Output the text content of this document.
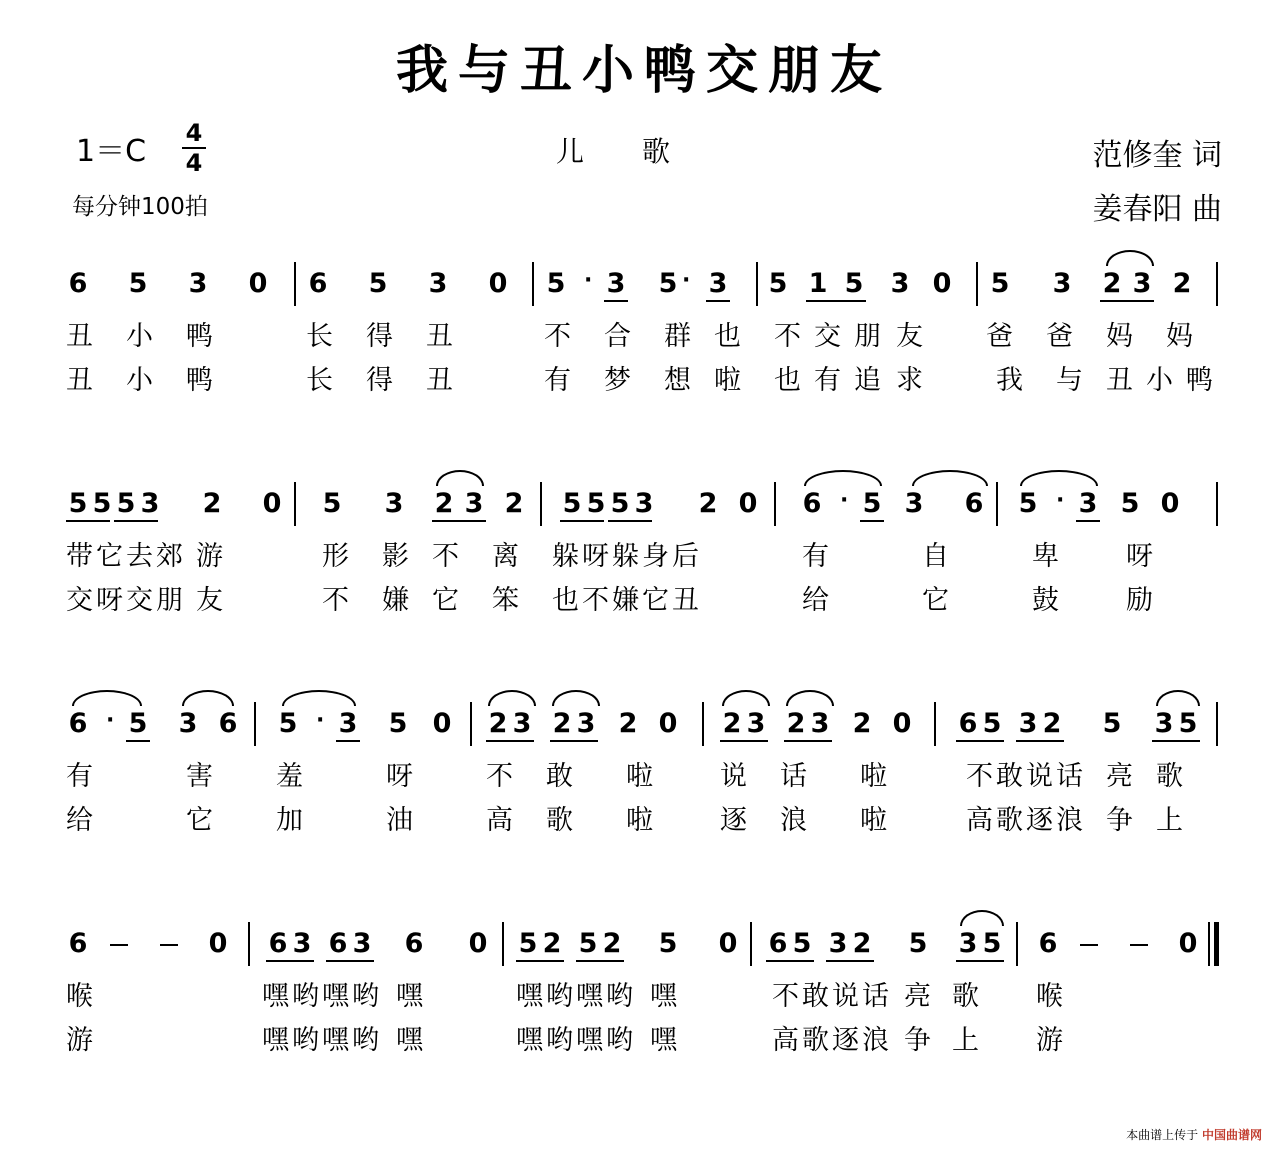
我与丑小鸭交朋友
1＝C
4
4	儿歌	范修奎 词
姜春阳 曲
每分钟100拍
6 5 3 0 6 5 3 0 5 · 3 5 · 3 5 1 5 3 0 5 3 2 3 2
丑 小 鸭	长 得 丑	不 合 群 也 不 交 朋 友 爸 爸 妈 妈
丑 小 鸭	长 得 丑	有 梦 想 啦 也 有 追 求	我 与 丑 小 鸭
5 5 5 3 2 0 5 3 2 3 2 5 5 5 3 2 0 6 · 5 3 6 5 · 3 5 0
带 它 去 郊 游	形 影 不 离 躲 呀 躲 身 后	有	自	卑 呀
交 呀 交 朋 友	不 嫌 它 笨 也 不 嫌 它 丑	给	它	鼓 励
6 · 5 3 6 5 · 3 5 0 2 3 2 3 2 0 2 3 2 3 2 0 6 5 3 2 5 3 5
有	害 羞	呀	不 敢 啦 说 话 啦	不 敢 说 话 亮 歌
给	它 加	油	高 歌 啦 逐 浪 啦	高 歌 逐 浪 争 上
6	0 6 3 6 3 6 0 5 2 5 2 5 0 6 5 3 2 5 3 5 6	0
喉	嘿 哟 嘿 哟 嘿	嘿 哟 嘿 哟 嘿	不 敢 说 话 亮 歌 喉
游	嘿 哟 嘿 哟 嘿	嘿 哟 嘿 哟 嘿	高 歌 逐 浪 争 上 游
本曲谱上传于 中国曲谱网
